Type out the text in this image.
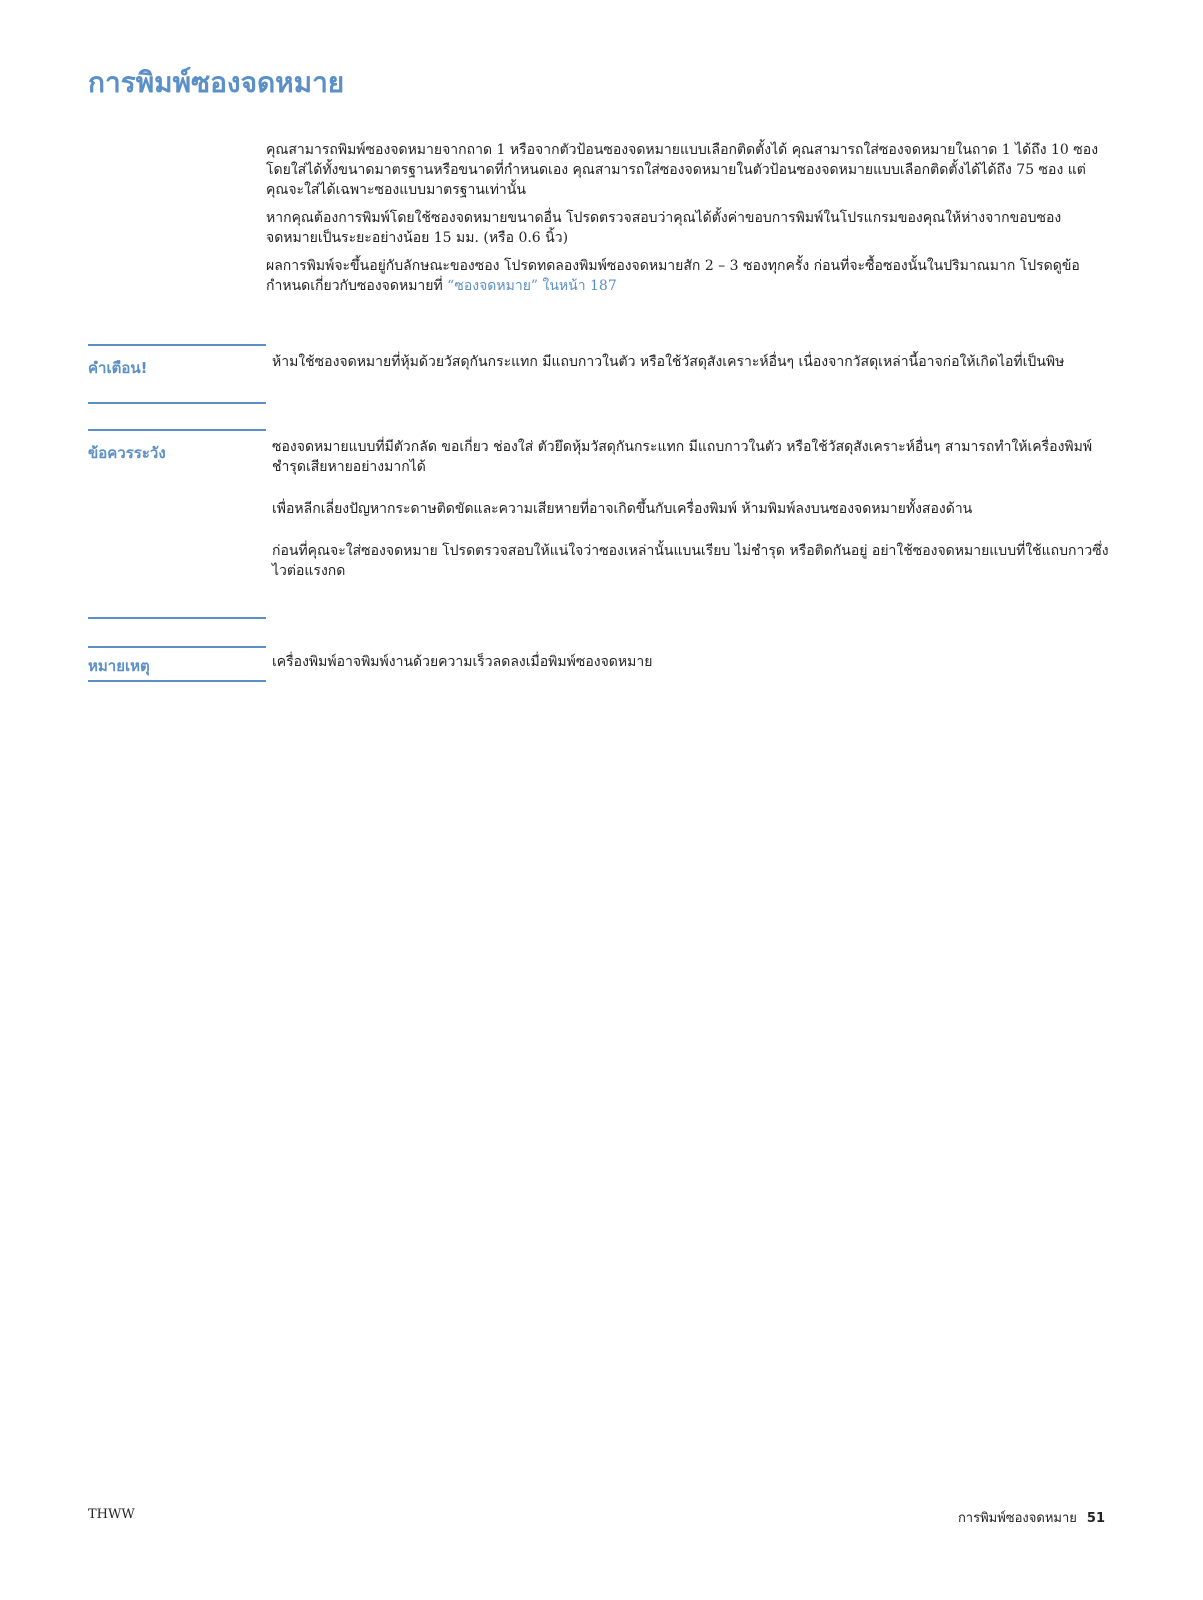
การพิมพ์ซองจดหมาย

คุณสามารถพิมพ์ซองจดหมายจากถาด 1 หรือจากตัวป้อนซองจดหมายแบบเลือกติดตั้งได้ คุณสามารถใส่ซองจดหมายในถาด 1 ได้ถึง 10 ซอง โดยใส่ได้ทั้งขนาดมาตรฐานหรือขนาดที่กำหนดเอง คุณสามารถใส่ซองจดหมายในตัวป้อนซองจดหมายแบบเลือกติดตั้งได้ได้ถึง 75 ซอง แต่คุณจะใส่ได้เฉพาะซองแบบมาตรฐานเท่านั้น

หากคุณต้องการพิมพ์โดยใช้ซองจดหมายขนาดอื่น โปรดตรวจสอบว่าคุณได้ตั้งค่าขอบการพิมพ์ในโปรแกรมของคุณให้ห่างจากขอบซองจดหมายเป็นระยะอย่างน้อย 15 มม. (หรือ 0.6 นิ้ว)

ผลการพิมพ์จะขึ้นอยู่กับลักษณะของซอง โปรดทดลองพิมพ์ซองจดหมายสัก 2 – 3 ซองทุกครั้ง ก่อนที่จะซื้อซองนั้นในปริมาณมาก โปรดดูข้อกำหนดเกี่ยวกับซองจดหมายที่ “ซองจดหมาย” ในหน้า 187

คำเตือน!	ห้ามใช้ซองจดหมายที่หุ้มด้วยวัสดุกันกระแทก มีแถบกาวในตัว หรือใช้วัสดุสังเคราะห์อื่นๆ เนื่องจากวัสดุเหล่านี้อาจก่อให้เกิดไอที่เป็นพิษ

ข้อควรระวัง	ซองจดหมายแบบที่มีตัวกลัด ขอเกี่ยว ช่องใส่ ตัวยึดหุ้มวัสดุกันกระแทก มีแถบกาวในตัว หรือใช้วัสดุสังเคราะห์อื่นๆ สามารถทำให้เครื่องพิมพ์ชำรุดเสียหายอย่างมากได้

เพื่อหลีกเลี่ยงปัญหากระดาษติดขัดและความเสียหายที่อาจเกิดขึ้นกับเครื่องพิมพ์ ห้ามพิมพ์ลงบนซองจดหมายทั้งสองด้าน

ก่อนที่คุณจะใส่ซองจดหมาย โปรดตรวจสอบให้แน่ใจว่าซองเหล่านั้นแบนเรียบ ไม่ชำรุด หรือติดกันอยู่ อย่าใช้ซองจดหมายแบบที่ใช้แถบกาวซึ่งไวต่อแรงกด

หมายเหตุ	เครื่องพิมพ์อาจพิมพ์งานด้วยความเร็วลดลงเมื่อพิมพ์ซองจดหมาย

THWW	การพิมพ์ซองจดหมาย 51
